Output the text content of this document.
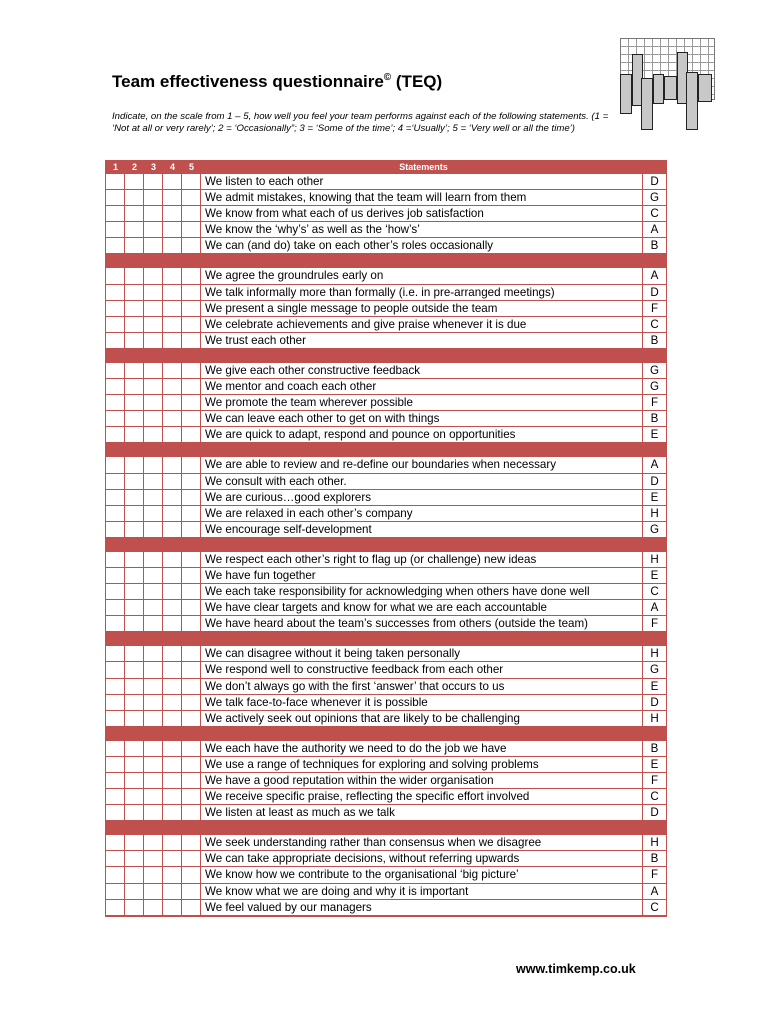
Team effectiveness questionnaire© (TEQ)
Indicate, on the scale from 1 – 5, how well you feel your team performs against each of the following statements. (1 = ‘Not at all or very rarely’; 2 = ‘Occasionally”; 3 = ‘Some of the time’; 4 =‘Usually’; 5 = ‘Very well or all the time’)
1	2	3	4	5	Statements
We listen to each other	D
We admit mistakes, knowing that the team will learn from them	G
We know from what each of us derives job satisfaction	C
We know the ‘why’s’ as well as the ‘how’s’	A
We can (and do) take on each other’s roles occasionally	B
We agree the groundrules early on	A
We talk informally more than formally (i.e. in pre-arranged meetings)	D
We present a single message to people outside the team	F
We celebrate achievements and give praise whenever it is due	C
We trust each other	B
We give each other constructive feedback	G
We mentor and coach each other	G
We promote the team wherever possible	F
We can leave each other to get on with things	B
We are quick to adapt, respond and pounce on opportunities	E
We are able to review and re-define our boundaries when necessary	A
We consult with each other.	D
We are curious…good explorers	E
We are relaxed in each other’s company	H
We encourage self-development	G
We respect each other’s right to flag up (or challenge) new ideas	H
We have fun together	E
We each take responsibility for acknowledging when others have done well	C
We have clear targets and know for what we are each accountable	A
We have heard about the team’s successes from others (outside the team)	F
We can disagree without it being taken personally	H
We respond well to constructive feedback from each other	G
We don’t always go with the first ‘answer’ that occurs to us	E
We talk face-to-face whenever it is possible	D
We actively seek out opinions that are likely to be challenging	H
We each have the authority we need to do the job we have	B
We use a range of techniques for exploring and solving problems	E
We have a good reputation within the wider organisation	F
We receive specific praise, reflecting the specific effort involved	C
We listen at least as much as we talk	D
We seek understanding rather than consensus when we disagree	H
We can take appropriate decisions, without referring upwards	B
We know how we contribute to the organisational ‘big picture’	F
We know what we are doing and why it is important	A
We feel valued by our managers	C
www.timkemp.co.uk
